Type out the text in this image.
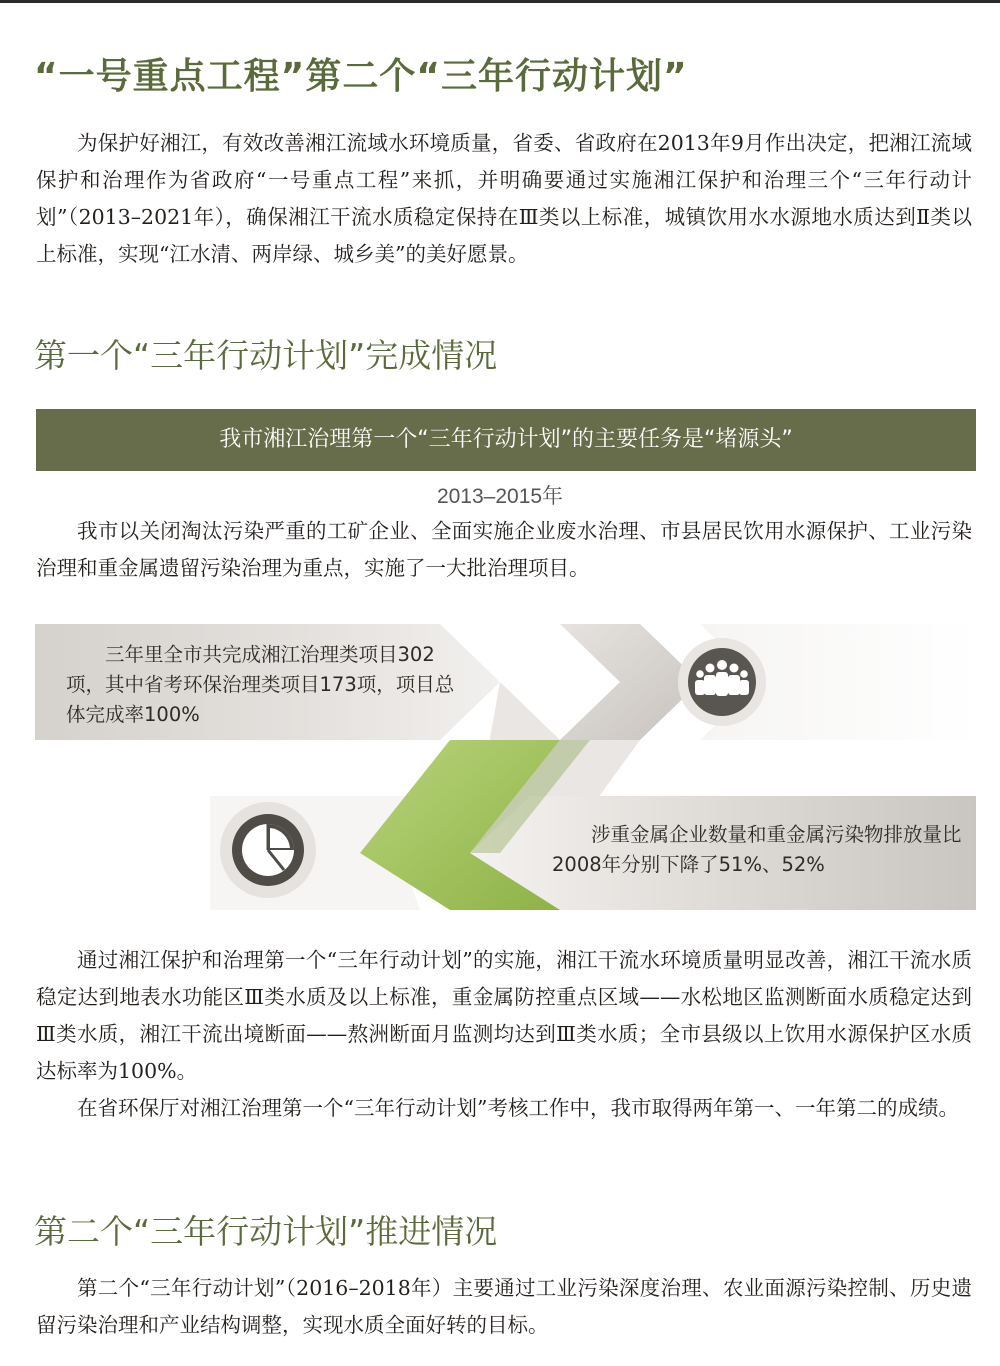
“一号重点工程”第二个“三年行动计划”

为保护好湘江，有效改善湘江流域水环境质量，省委、省政府在2013年9月作出决定，把湘江流域保护和治理作为省政府“一号重点工程”来抓，并明确要通过实施湘江保护和治理三个“三年行动计划”（2013–2021年），确保湘江干流水质稳定保持在Ⅲ类以上标准，城镇饮用水水源地水质达到Ⅱ类以上标准，实现“江水清、两岸绿、城乡美”的美好愿景。

第一个“三年行动计划”完成情况
我市湘江治理第一个“三年行动计划”的主要任务是“堵源头”
2013–2015年

我市以关闭淘汰污染严重的工矿企业、全面实施企业废水治理、市县居民饮用水源保护、工业污染治理和重金属遗留污染治理为重点，实施了一大批治理项目。

三年里全市共完成湘江治理类项目302项，其中省考环保治理类项目173项，项目总体完成率100%

涉重金属企业数量和重金属污染物排放量比2008年分别下降了51%、52%

通过湘江保护和治理第一个“三年行动计划”的实施，湘江干流水环境质量明显改善，湘江干流水质稳定达到地表水功能区Ⅲ类水质及以上标准，重金属防控重点区域——水松地区监测断面水质稳定达到Ⅲ类水质，湘江干流出境断面——熬洲断面月监测均达到Ⅲ类水质；全市县级以上饮用水源保护区水质达标率为100%。

在省环保厅对湘江治理第一个“三年行动计划”考核工作中，我市取得两年第一、一年第二的成绩。

第二个“三年行动计划”推进情况

第二个“三年行动计划”（2016–2018年）主要通过工业污染深度治理、农业面源污染控制、历史遗留污染治理和产业结构调整，实现水质全面好转的目标。
